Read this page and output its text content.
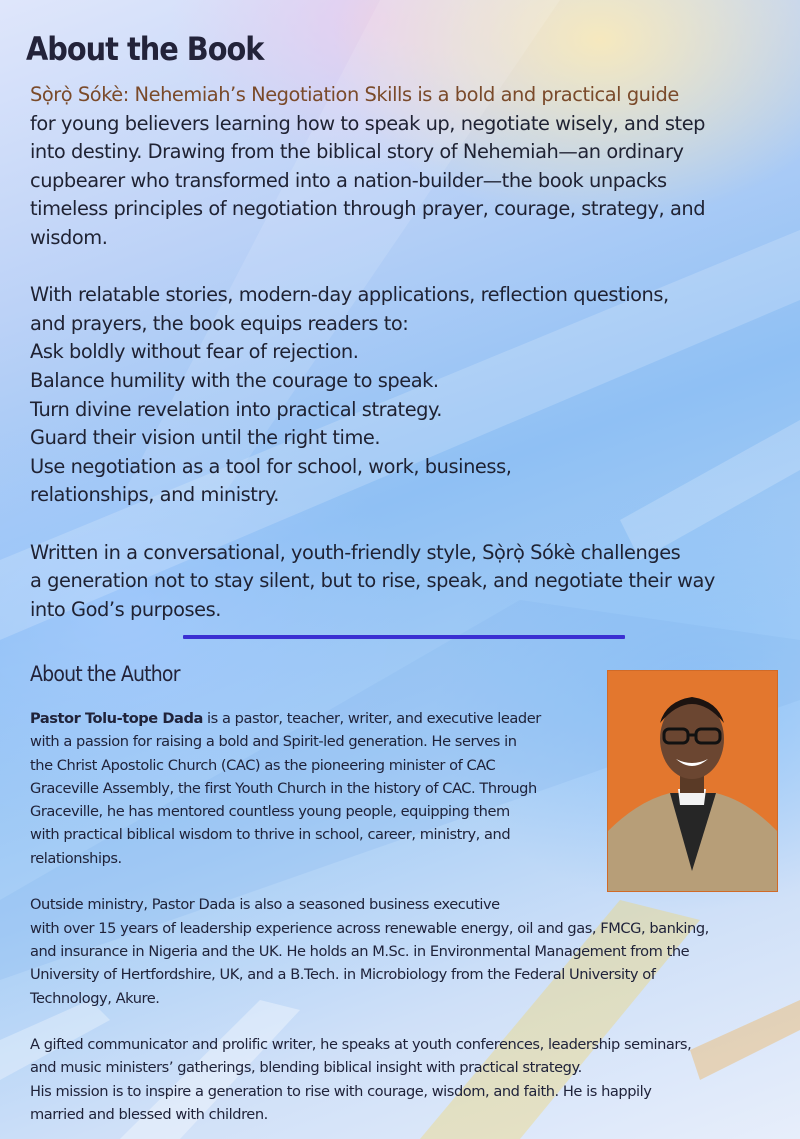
About the Book

Sọ̀rọ̀ Sókè: Nehemiah’s Negotiation Skills is a bold and practical guide

for young believers learning how to speak up, negotiate wisely, and step

into destiny. Drawing from the biblical story of Nehemiah—an ordinary

cupbearer who transformed into a nation-builder—the book unpacks

timeless principles of negotiation through prayer, courage, strategy, and

wisdom.

With relatable stories, modern-day applications, reflection questions,

and prayers, the book equips readers to:

Ask boldly without fear of rejection.

Balance humility with the courage to speak.

Turn divine revelation into practical strategy.

Guard their vision until the right time.

Use negotiation as a tool for school, work, business,

relationships, and ministry.

Written in a conversational, youth-friendly style, Sọ̀rọ̀ Sókè challenges

a generation not to stay silent, but to rise, speak, and negotiate their way

into God’s purposes.

About the Author

Pastor Tolu-tope Dada is a pastor, teacher, writer, and executive leader

with a passion for raising a bold and Spirit-led generation. He serves in

the Christ Apostolic Church (CAC) as the pioneering minister of CAC

Graceville Assembly, the first Youth Church in the history of CAC. Through

Graceville, he has mentored countless young people, equipping them

with practical biblical wisdom to thrive in school, career, ministry, and

relationships.

Outside ministry, Pastor Dada is also a seasoned business executive

with over 15 years of leadership experience across renewable energy, oil and gas, FMCG, banking,

and insurance in Nigeria and the UK. He holds an M.Sc. in Environmental Management from the

University of Hertfordshire, UK, and a B.Tech. in Microbiology from the Federal University of

Technology, Akure.

A gifted communicator and prolific writer, he speaks at youth conferences, leadership seminars,

and music ministers’ gatherings, blending biblical insight with practical strategy.

His mission is to inspire a generation to rise with courage, wisdom, and faith. He is happily

married and blessed with children.
